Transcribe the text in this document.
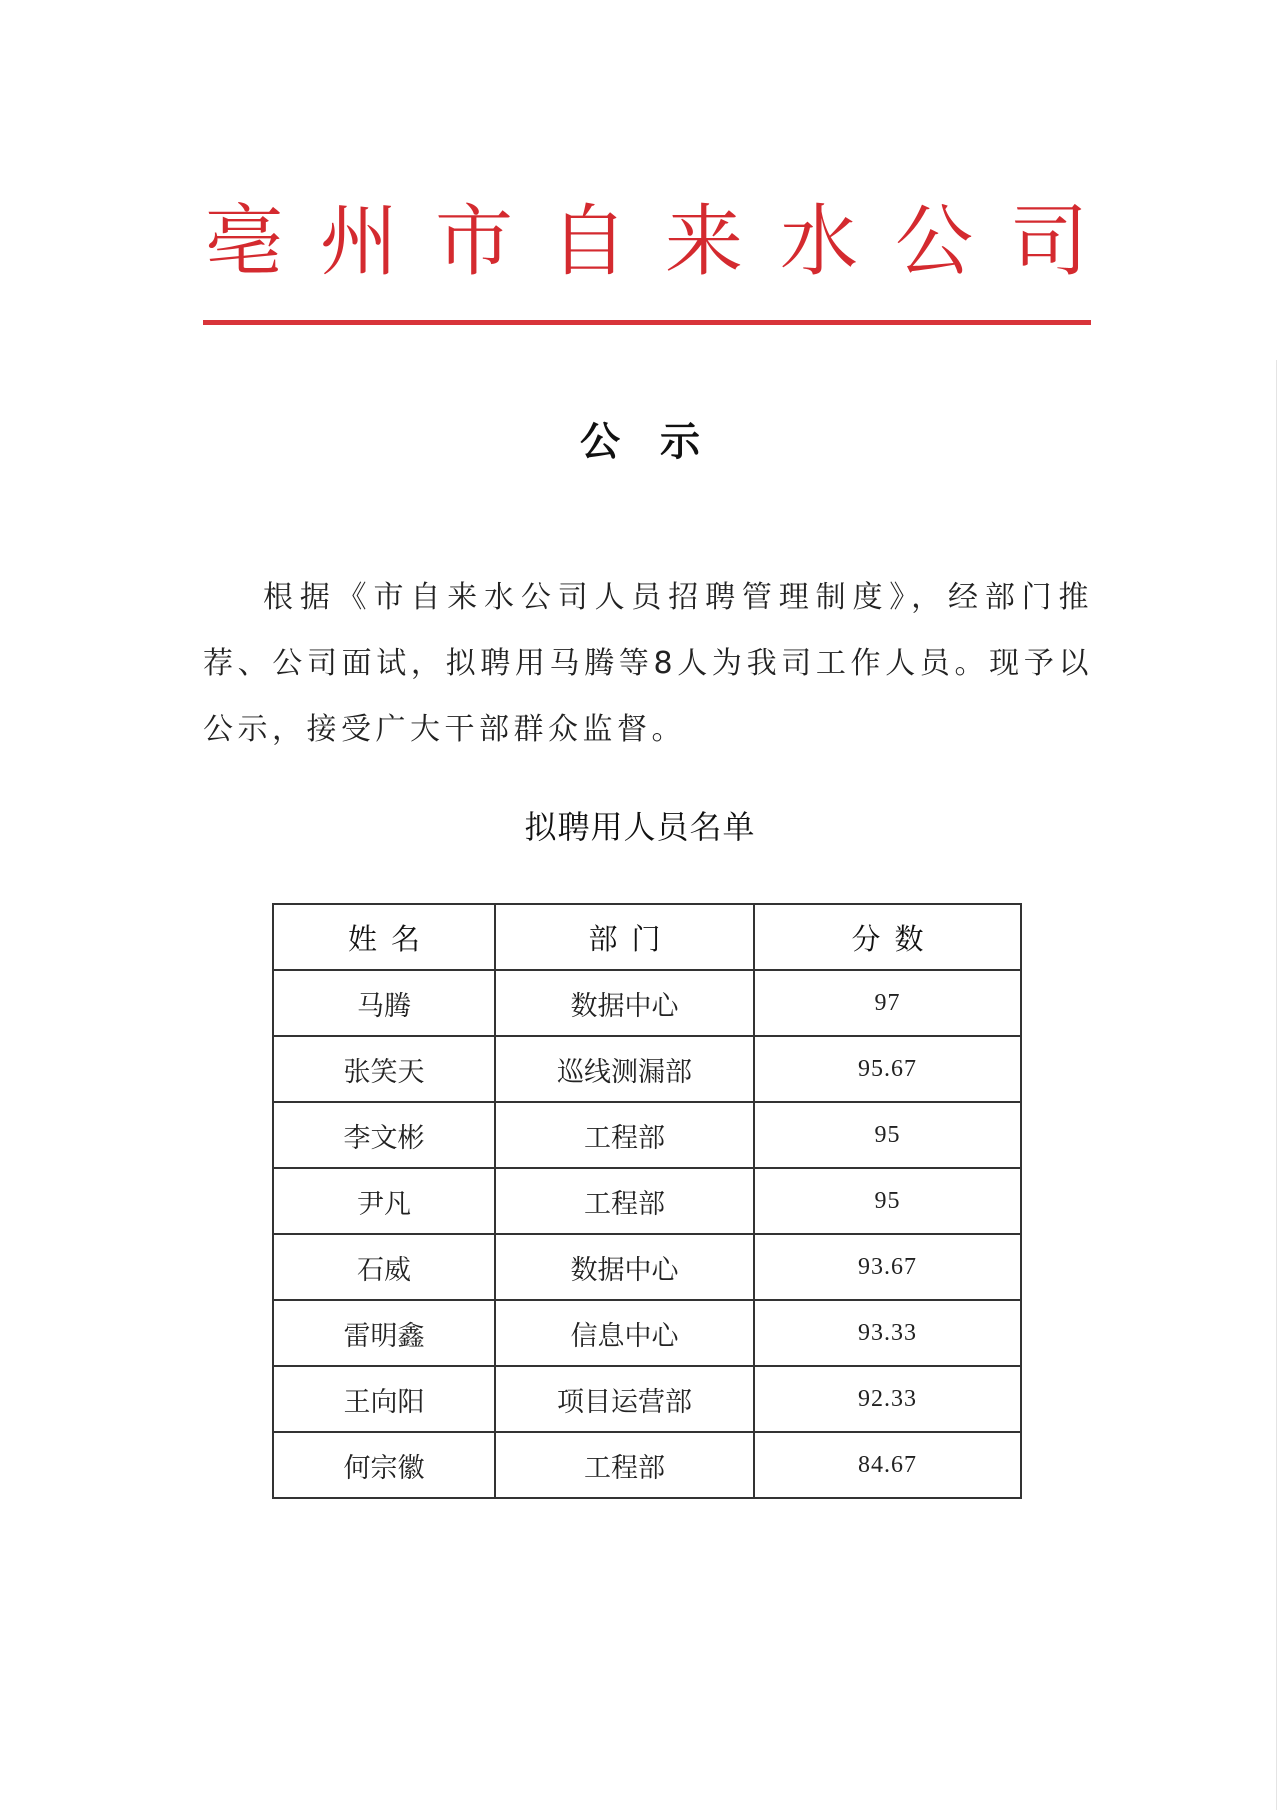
亳 州 市 自 来 水 公 司
公示

根据《市自来水公司人员招聘管理制度》，经部门推荐、公司面试，拟聘用马腾等8人为我司工作人员。现予以公示，接受广大干部群众监督。

拟聘用人员名单
姓名	部门	分数
马腾	数据中心	97
张笑天	巡线测漏部	95.67
李文彬	工程部	95
尹凡	工程部	95
石威	数据中心	93.67
雷明鑫	信息中心	93.33
王向阳	项目运营部	92.33
何宗徽	工程部	84.67
